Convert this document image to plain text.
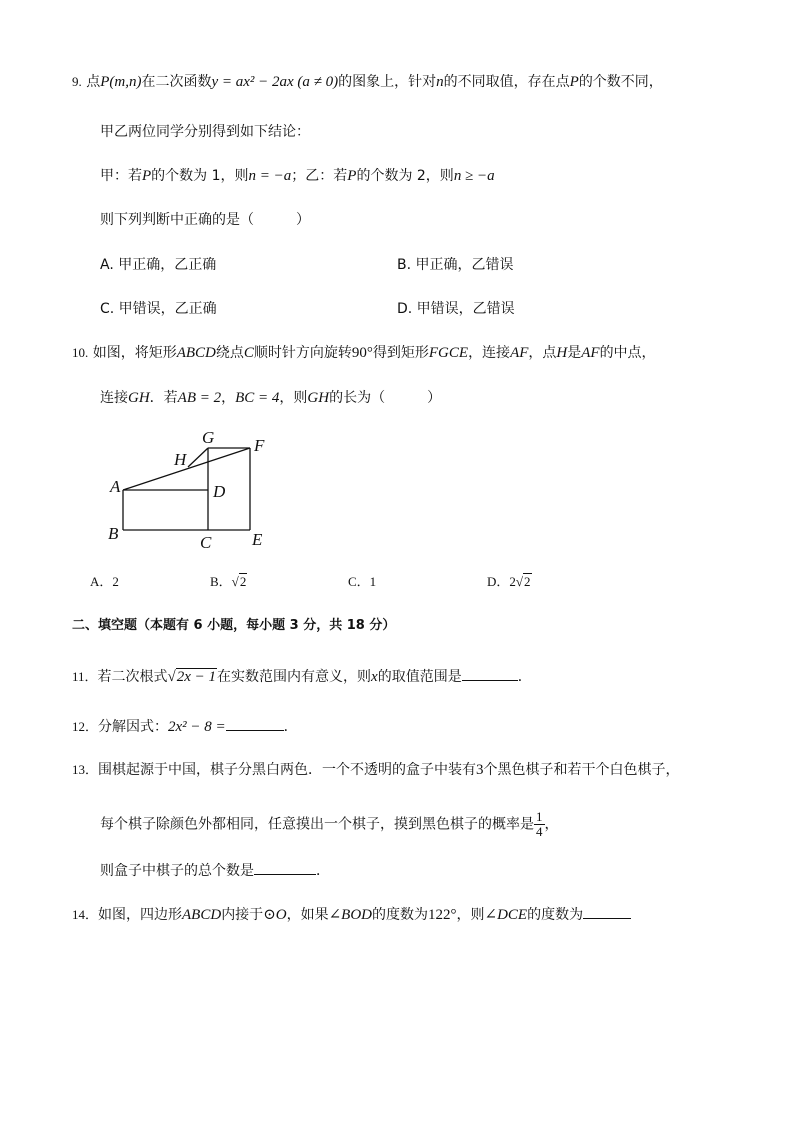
9. 点P(m,n)在二次函数y = ax² − 2ax (a ≠ 0)的图象上，针对n的不同取值，存在点P的个数不同，
甲乙两位同学分别得到如下结论：
甲：若P的个数为 1，则n = −a；乙：若P的个数为 2，则n ≥ −a
则下列判断中正确的是（　　　）
A. 甲正确，乙正确	B. 甲正确，乙错误
C. 甲错误，乙正确	D. 甲错误，乙错误
10. 如图，将矩形ABCD绕点C顺时针方向旋转90°得到矩形FGCE，连接AF，点H是AF的中点，
连接GH．若AB = 2，BC = 4，则GH的长为（　　　）
G F
H
A	D
B	C E
A．2	B．√2	C．1	D．2√2
二、填空题（本题有 6 小题，每小题 3 分，共 18 分）
11．若二次根式√2x − 1在实数范围内有意义，则x的取值范围是	．
12．分解因式：2x² − 8 =	．
13．围棋起源于中国，棋子分黑白两色．一个不透明的盒子中装有3个黑色棋子和若干个白色棋子，
每个棋子除颜色外都相同，任意摸出一个棋子，摸到黑色棋子的概率是 $\frac{1}{4}$ ，
则盒子中棋子的总个数是	．
14．如图，四边形ABCD内接于⊙O，如果∠BOD的度数为122°，则∠DCE的度数为
